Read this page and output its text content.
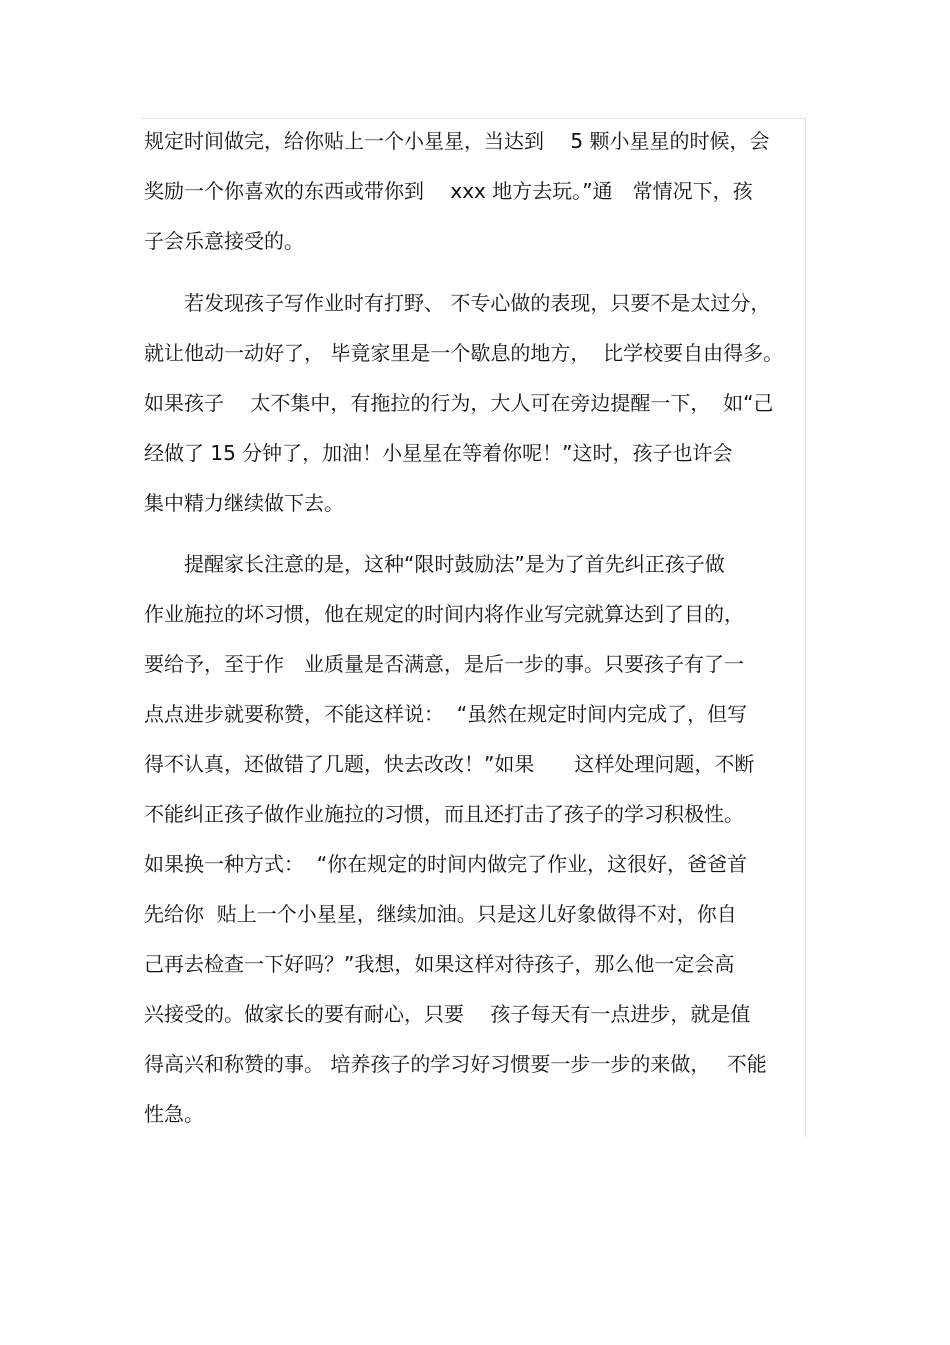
规定时间做完，给你贴上一个小星星，当达到　 5 颗小星星的时候，会
奖励一个你喜欢的东西或带你到　 xxx 地方去玩。”通　常情况下，孩
子会乐意接受的。
　　若发现孩子写作业时有打野、 不专心做的表现，只要不是太过分，
就让他动一动好了， 毕竟家里是一个歇息的地方，  比学校要自由得多。
如果孩子　 太不集中，有拖拉的行为，大人可在旁边提醒一下，  如“己
经做了 15 分钟了，加油！小星星在等着你呢！”这时，孩子也许会
集中精力继续做下去。
　　提醒家长注意的是，这种“限时鼓励法”是为了首先纠正孩子做
作业施拉的坏习惯，他在规定的时间内将作业写完就算达到了目的，
要给予，至于作　业质量是否满意，是后一步的事。只要孩子有了一
点点进步就要称赞，不能这样说：  “虽然在规定时间内完成了，但写
得不认真，还做错了几题，快去改改！”如果　　这样处理问题，不断
不能纠正孩子做作业施拉的习惯，而且还打击了孩子的学习积极性。
如果换一种方式：  “你在规定的时间内做完了作业，这很好，爸爸首
先给你  贴上一个小星星，继续加油。只是这儿好象做得不对，你自
己再去检查一下好吗？”我想，如果这样对待孩子，那么他一定会高
兴接受的。做家长的要有耐心，只要　 孩子每天有一点进步，就是值
得高兴和称赞的事。 培养孩子的学习好习惯要一步一步的来做，　 不能
性急。
